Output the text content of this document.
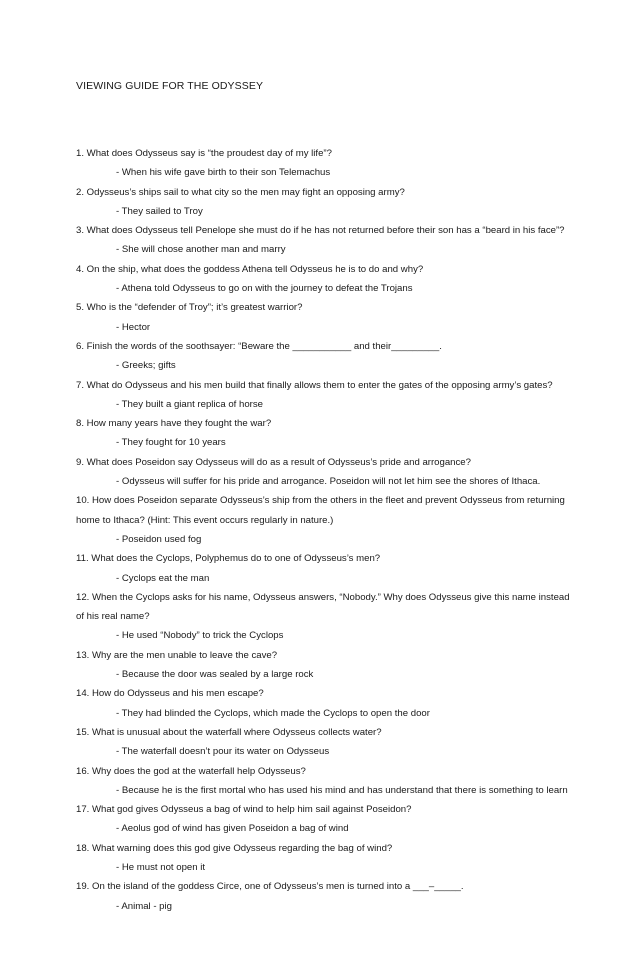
VIEWING GUIDE FOR THE ODYSSEY
1. What does Odysseus say is “the proudest day of my life”?
- When his wife gave birth to their son Telemachus
2. Odysseus’s ships sail to what city so the men may fight an opposing army?
- They sailed to Troy
3. What does Odysseus tell Penelope she must do if he has not returned before their son has a “beard in his face”?
- She will chose another man and marry
4. On the ship, what does the goddess Athena tell Odysseus he is to do and why?
- Athena told Odysseus to go on with the journey to defeat the Trojans
5. Who is the “defender of Troy”; it’s greatest warrior?
- Hector
6. Finish the words of the soothsayer: “Beware the ___________ and their_________.
- Greeks; gifts
7. What do Odysseus and his men build that finally allows them to enter the gates of the opposing army’s gates?
- They built a giant replica of horse
8. How many years have they fought the war?
- They fought for 10 years
9. What does Poseidon say Odysseus will do as a result of Odysseus’s pride and arrogance?
- Odysseus will suffer for his pride and arrogance. Poseidon will not let him see the shores of Ithaca.
10. How does Poseidon separate Odysseus’s ship from the others in the fleet and prevent Odysseus from returning home to Ithaca? (Hint: This event occurs regularly in nature.)
- Poseidon used fog
11. What does the Cyclops, Polyphemus do to one of Odysseus’s men?
- Cyclops eat the man
12. When the Cyclops asks for his name, Odysseus answers, “Nobody.” Why does Odysseus give this name instead of his real name?
- He used “Nobody” to trick the Cyclops
13. Why are the men unable to leave the cave?
- Because the door was sealed by a large rock
14. How do Odysseus and his men escape?
- They had blinded the Cyclops, which made the Cyclops to open the door
15. What is unusual about the waterfall where Odysseus collects water?
- The waterfall doesn’t pour its water on Odysseus
16. Why does the god at the waterfall help Odysseus?
- Because he is the first mortal who has used his mind and has understand that there is something to learn
17. What god gives Odysseus a bag of wind to help him sail against Poseidon?
- Aeolus god of wind has given Poseidon a bag of wind
18. What warning does this god give Odysseus regarding the bag of wind?
- He must not open it
19. On the island of the goddess Circe, one of Odysseus’s men is turned into a ___–_____.
- Animal - pig
